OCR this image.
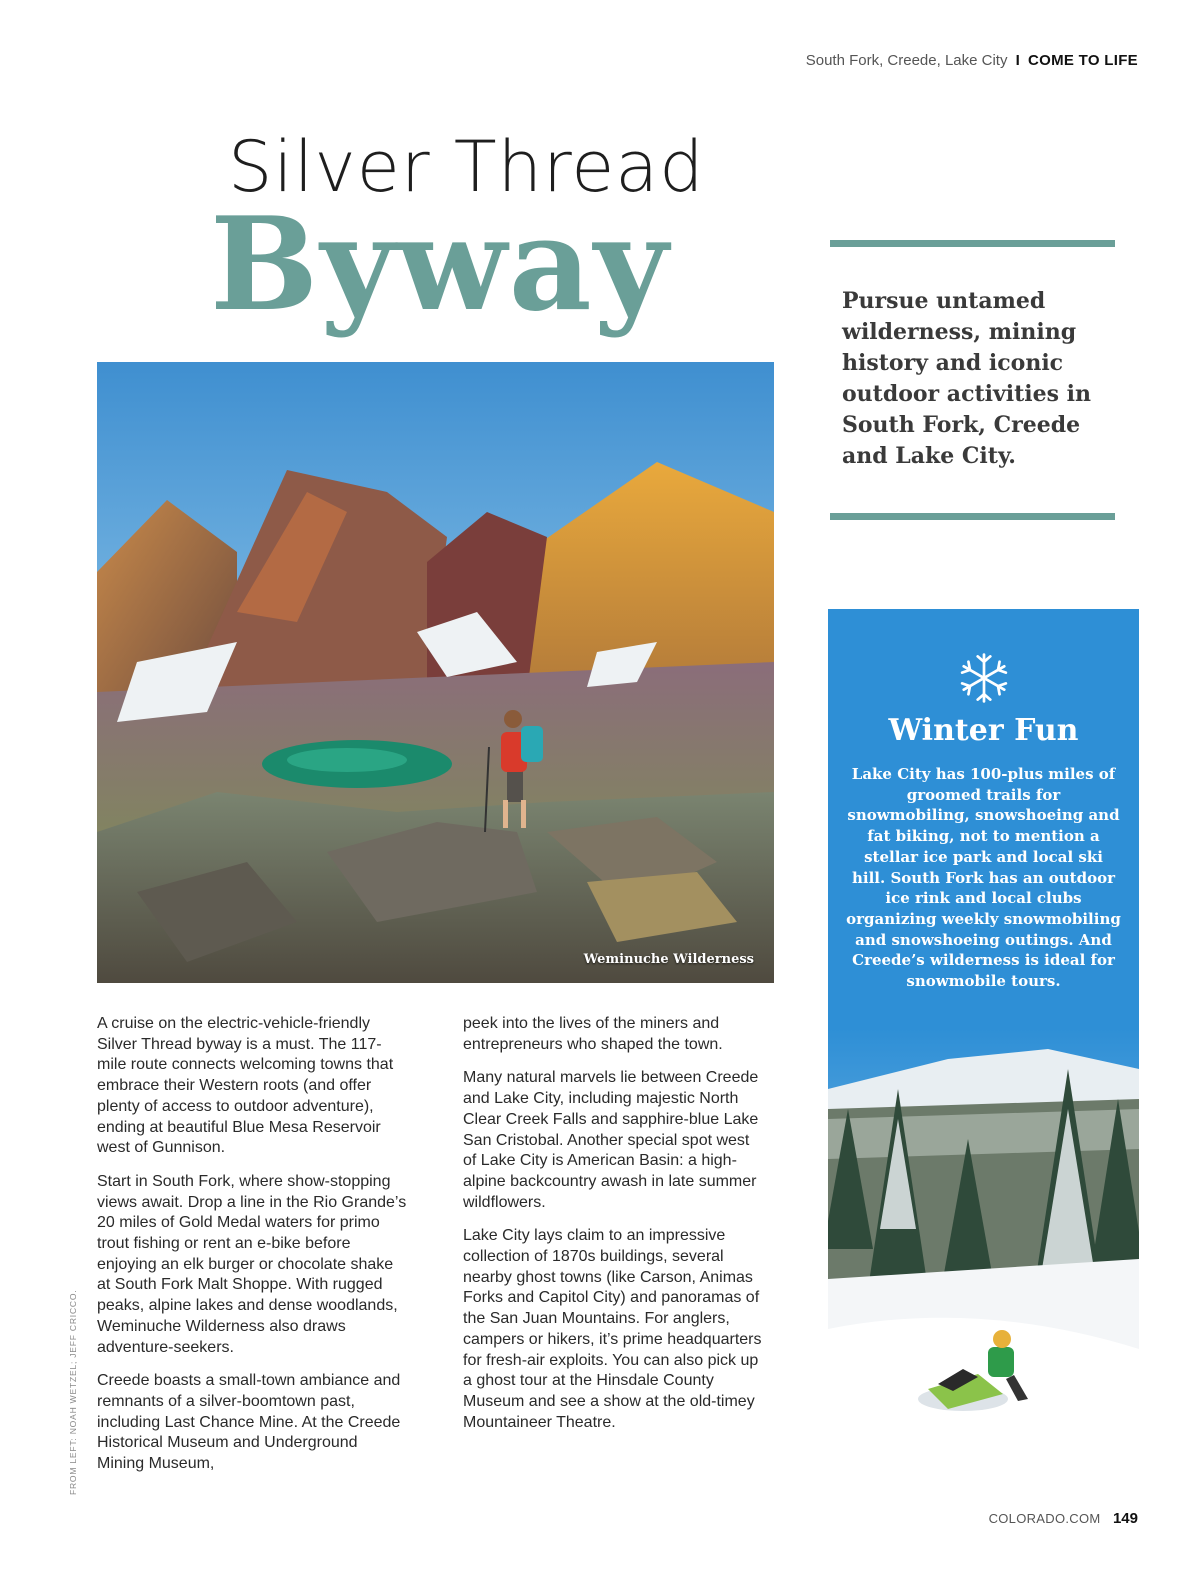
South Fork, Creede, Lake City I COME TO LIFE
Silver Thread
Byway	Pursue untamed wilderness, mining history and iconic outdoor activities in South Fork, Creede and Lake City.
Weminuche Wilderness

A cruise on the electric-vehicle-friendly Silver Thread byway is a must. The 117-mile route connects welcoming towns that embrace their Western roots (and offer plenty of access to outdoor adventure), ending at beautiful Blue Mesa Reservoir west of Gunnison.

Start in South Fork, where show-stopping views await. Drop a line in the Rio Grande’s 20 miles of Gold Medal waters for primo trout fishing or rent an e-bike before enjoying an elk burger or chocolate shake at South Fork Malt Shoppe. With rugged peaks, alpine lakes and dense woodlands, Weminuche Wilderness also draws adventure-seekers.

Creede boasts a small-town ambiance and remnants of a silver-boomtown past, including Last Chance Mine. At the Creede Historical Museum and Underground Mining Museum,

peek into the lives of the miners and entrepreneurs who shaped the town.

Many natural marvels lie between Creede and Lake City, including majestic North Clear Creek Falls and sapphire-blue Lake San Cristobal. Another special spot west of Lake City is American Basin: a high-alpine backcountry awash in late summer wildflowers.

Lake City lays claim to an impressive collection of 1870s buildings, several nearby ghost towns (like Carson, Animas Forks and Capitol City) and panoramas of the San Juan Mountains. For anglers, campers or hikers, it’s prime headquarters for fresh-air exploits. You can also pick up a ghost tour at the Hinsdale County Museum and see a show at the old-timey Mountaineer Theatre.

FROM LEFT: NOAH WETZEL; JEFF CRICCO.
Winter Fun
Lake City has 100-plus miles of groomed trails for snowmobiling, snowshoeing and fat biking, not to mention a stellar ice park and local ski hill. South Fork has an outdoor ice rink and local clubs organizing weekly snowmobiling and snowshoeing outings. And Creede’s wilderness is ideal for snowmobile tours.
COLORADO.COM 149
